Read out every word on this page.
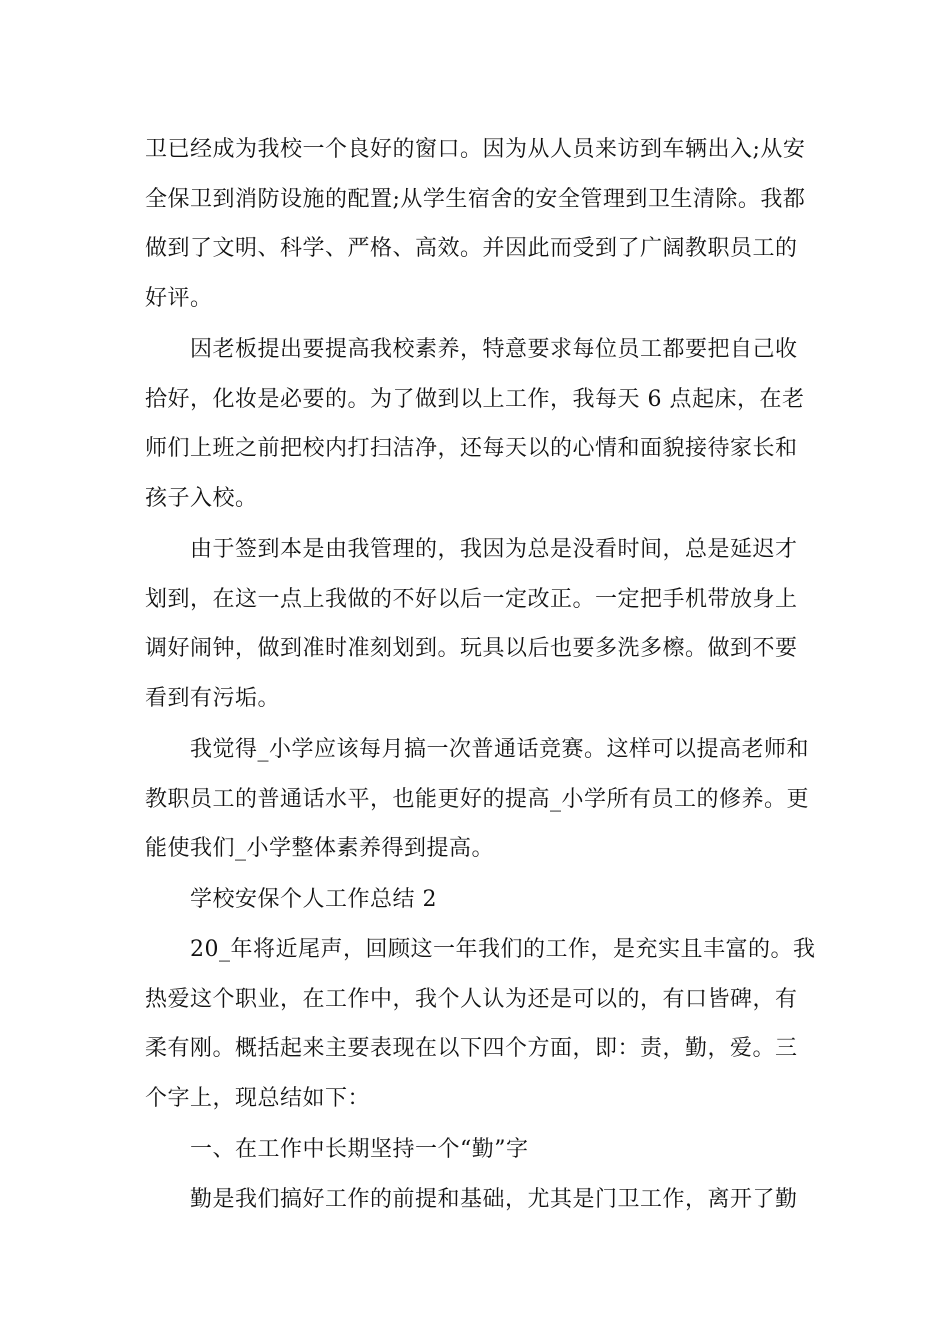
卫已经成为我校一个良好的窗口。因为从人员来访到车辆出入;从安
全保卫到消防设施的配置;从学生宿舍的安全管理到卫生清除。我都
做到了文明、科学、严格、高效。并因此而受到了广阔教职员工的
好评。
因老板提出要提高我校素养，特意要求每位员工都要把自己收
拾好，化妆是必要的。为了做到以上工作，我每天 6 点起床，在老
师们上班之前把校内打扫洁净，还每天以的心情和面貌接待家长和
孩子入校。
由于签到本是由我管理的，我因为总是没看时间，总是延迟才
划到，在这一点上我做的不好以后一定改正。一定把手机带放身上
调好闹钟，做到准时准刻划到。玩具以后也要多洗多檫。做到不要
看到有污垢。
我觉得_小学应该每月搞一次普通话竞赛。这样可以提高老师和
教职员工的普通话水平，也能更好的提高_小学所有员工的修养。更
能使我们_小学整体素养得到提高。
学校安保个人工作总结 2
20_年将近尾声，回顾这一年我们的工作，是充实且丰富的。我
热爱这个职业，在工作中，我个人认为还是可以的，有口皆碑，有
柔有刚。概括起来主要表现在以下四个方面，即：责，勤，爱。三
个字上，现总结如下：
一、在工作中长期坚持一个“勤”字
勤是我们搞好工作的前提和基础，尤其是门卫工作，离开了勤
